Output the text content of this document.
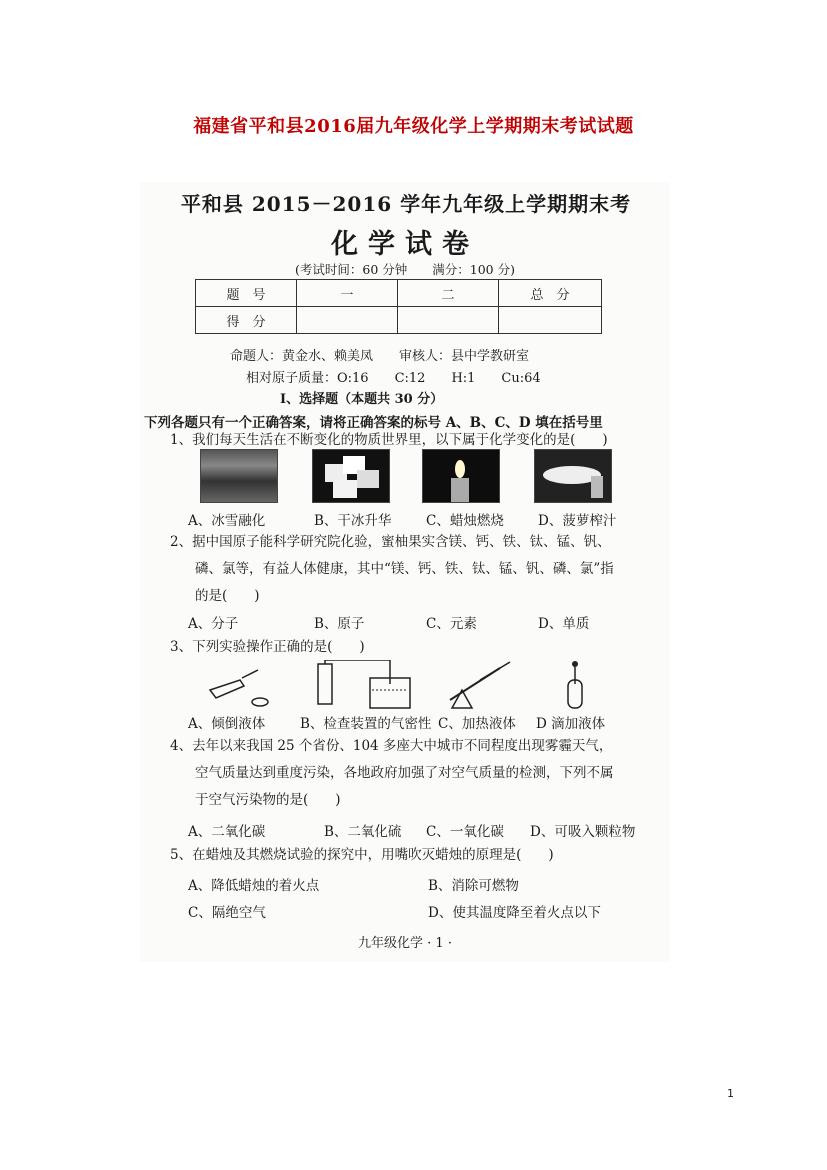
福建省平和县2016届九年级化学上学期期末考试试题
平和县 2015－2016 学年九年级上学期期末考
化学试卷
(考试时间：60 分钟　　满分：100 分)
题　号	一	二	总　分
得　分			
命题人：黄金水、赖美凤　　审核人：县中学教研室
相对原子质量：O:16　　C:12　　H:1　　Cu:64
Ⅰ、选择题（本题共 30 分）
下列各题只有一个正确答案，请将正确答案的标号 A、B、C、D 填在括号里
1、我们每天生活在不断变化的物质世界里，以下属于化学变化的是(　　)
A、冰雪融化	B、干冰升华	C、蜡烛燃烧	D、菠萝榨汁
2、据中国原子能科学研究院化验，蜜柚果实含镁、钙、铁、钛、锰、钒、
磷、氯等，有益人体健康，其中“镁、钙、铁、钛、锰、钒、磷、氯”指
的是(　　)
A、分子	B、原子	C、元素	D、单质
3、下列实验操作正确的是(　　)
A、倾倒液体	B、检查装置的气密性 C、加热液体 D 滴加液体
4、去年以来我国 25 个省份、104 多座大中城市不同程度出现雾霾天气，
空气质量达到重度污染，各地政府加强了对空气质量的检测，下列不属
于空气污染物的是(　　)
A、二氧化碳	B、二氧化硫 C、一氧化碳 D、可吸入颗粒物
5、在蜡烛及其燃烧试验的探究中，用嘴吹灭蜡烛的原理是(　　)
A、降低蜡烛的着火点	B、消除可燃物
C、隔绝空气	D、使其温度降至着火点以下
九年级化学 · 1 ·
1
